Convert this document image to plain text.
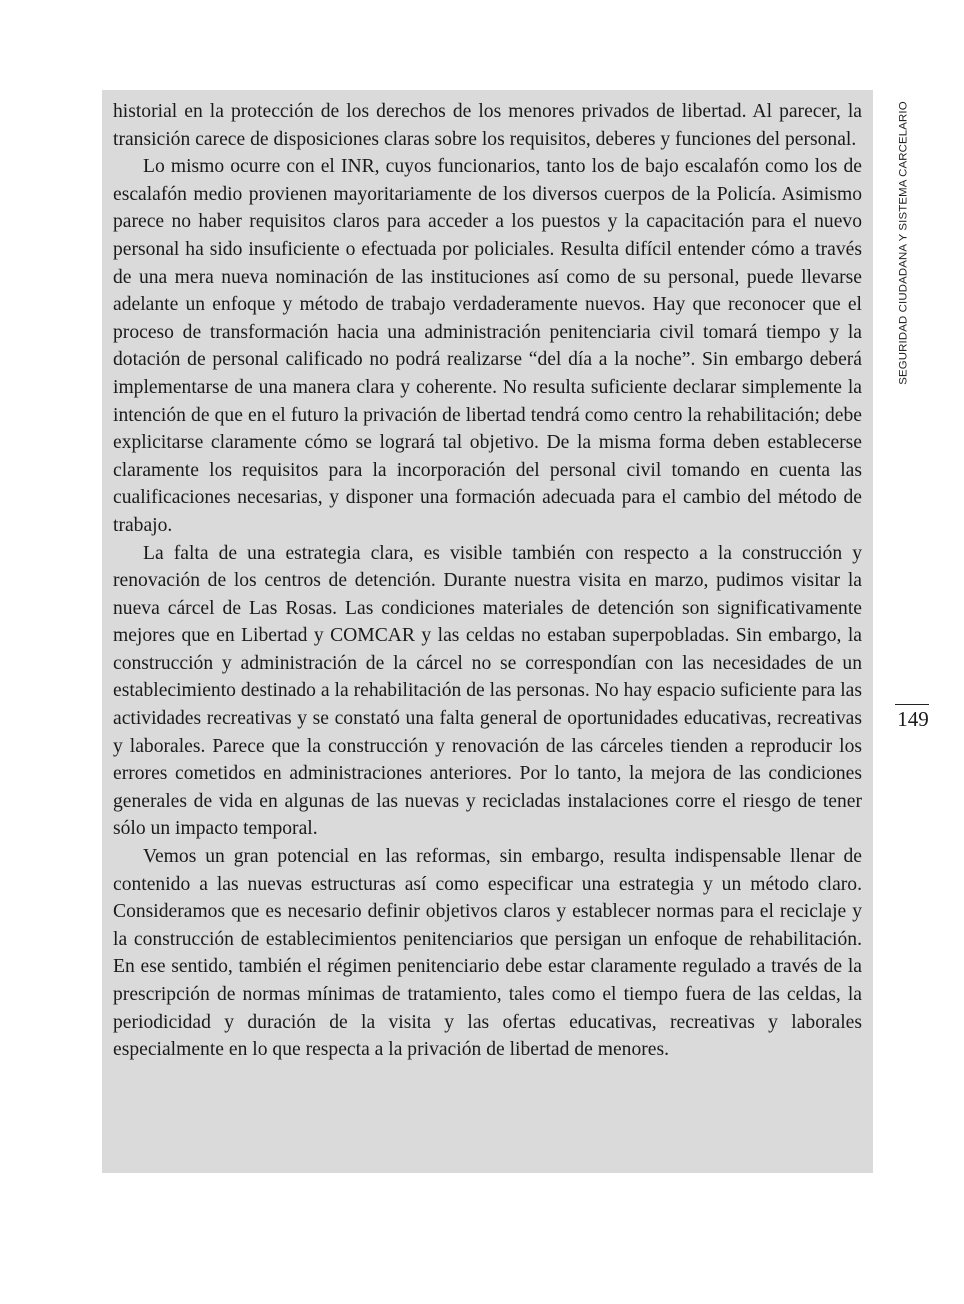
historial en la protección de los derechos de los menores privados de libertad. Al parecer, la transición carece de disposiciones claras sobre los requisitos, deberes y funciones del personal.

Lo mismo ocurre con el INR, cuyos funcionarios, tanto los de bajo escalafón como los de escalafón medio provienen mayoritariamente de los diversos cuerpos de la Policía. Asimismo parece no haber requisitos claros para acceder a los puestos y la capacitación para el nuevo personal ha sido insuficiente o efectuada por policiales. Resulta difícil entender cómo a través de una mera nueva nominación de las instituciones así como de su personal, puede llevarse adelante un enfoque y método de trabajo verdaderamente nuevos. Hay que reconocer que el proceso de transformación hacia una administración penitenciaria civil tomará tiempo y la dotación de personal calificado no podrá realizarse “del día a la noche”. Sin embargo deberá implementarse de una manera clara y coherente. No resulta suficiente declarar simplemente la intención de que en el futuro la privación de libertad tendrá como centro la rehabilitación; debe explicitarse claramente cómo se logrará tal objetivo. De la misma forma deben establecerse claramente los requisitos para la incorporación del personal civil tomando en cuenta las cualificaciones necesarias, y disponer una formación adecuada para el cambio del método de trabajo.

La falta de una estrategia clara, es visible también con respecto a la construcción y renovación de los centros de detención. Durante nuestra visita en marzo, pudimos visitar la nueva cárcel de Las Rosas. Las condiciones materiales de detención son significativamente mejores que en Libertad y COMCAR y las celdas no estaban superpobladas. Sin embargo, la construcción y administración de la cárcel no se correspondían con las necesidades de un establecimiento destinado a la rehabilitación de las personas. No hay espacio suficiente para las actividades recreativas y se constató una falta general de oportunidades educativas, recreativas y laborales. Parece que la construcción y renovación de las cárceles tienden a reproducir los errores cometidos en administraciones anteriores. Por lo tanto, la mejora de las condiciones generales de vida en algunas de las nuevas y recicladas instalaciones corre el riesgo de tener sólo un impacto temporal.

Vemos un gran potencial en las reformas, sin embargo, resulta indispensable llenar de contenido a las nuevas estructuras así como especificar una estrategia y un método claro. Consideramos que es necesario definir objetivos claros y establecer normas para el reciclaje y la construcción de establecimientos penitenciarios que persigan un enfoque de rehabilitación. En ese sentido, también el régimen penitenciario debe estar claramente regulado a través de la prescripción de normas mínimas de tratamiento, tales como el tiempo fuera de las celdas, la periodicidad y duración de la visita y las ofertas educativas, recreativas y laborales especialmente en lo que respecta a la privación de libertad de menores.

SEGURIDAD CIUDADANA Y SISTEMA CARCELARIO
149
